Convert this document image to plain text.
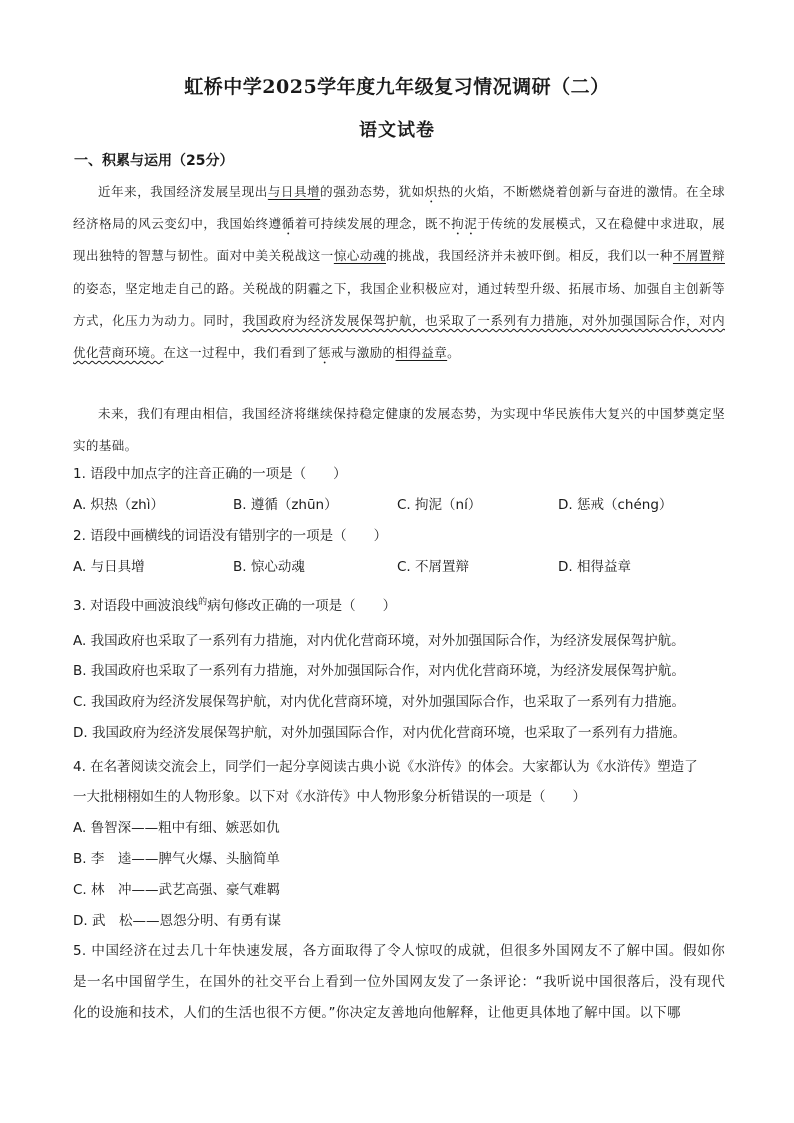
虹桥中学2025学年度九年级复习情况调研（二）
语文试卷
一、积累与运用（25分）

近年来，我国经济发展呈现出与日具增的强劲态势，犹如炽热的火焰，不断燃烧着创新与奋进的激情。在全球经济格局的风云变幻中，我国始终遵循着可持续发展的理念，既不拘泥于传统的发展模式，又在稳健中求进取，展现出独特的智慧与韧性。面对中美关税战这一惊心动魂的挑战，我国经济并未被吓倒。相反，我们以一种不屑置辩的姿态，坚定地走自己的路。关税战的阴霾之下，我国企业积极应对，通过转型升级、拓展市场、加强自主创新等方式，化压力为动力。同时，我国政府为经济发展保驾护航，也采取了一系列有力措施，对外加强国际合作，对内优化营商环境。在这一过程中，我们看到了惩戒与激励的相得益章。

未来，我们有理由相信，我国经济将继续保持稳定健康的发展态势，为实现中华民族伟大复兴的中国梦奠定坚实的基础。

1. 语段中加点字的注音正确的一项是（　　）
A. 炽热（zhì）	B. 遵循（zhūn）	C. 拘泥（ní）	D. 惩戒（chéng）
2. 语段中画横线的词语没有错别字的一项是（　　）
A. 与日具增	B. 惊心动魂	C. 不屑置辩	D. 相得益章
3. 对语段中画波浪线$^的$病句修改正确的一项是（　　）
A. 我国政府也采取了一系列有力措施，对内优化营商环境，对外加强国际合作，为经济发展保驾护航。
B. 我国政府也采取了一系列有力措施，对外加强国际合作，对内优化营商环境，为经济发展保驾护航。
C. 我国政府为经济发展保驾护航，对内优化营商环境，对外加强国际合作，也采取了一系列有力措施。
D. 我国政府为经济发展保驾护航，对外加强国际合作，对内优化营商环境，也采取了一系列有力措施。
4. 在名著阅读交流会上，同学们一起分享阅读古典小说《水浒传》的体会。大家都认为《水浒传》塑造了
一大批栩栩如生的人物形象。以下对《水浒传》中人物形象分析错误的一项是（　　）
A. 鲁智深——粗中有细、嫉恶如仇
B. 李　逵——脾气火爆、头脑简单
C. 林　冲——武艺高强、豪气难羁
D. 武　松——恩怨分明、有勇有谋
5. 中国经济在过去几十年快速发展，各方面取得了令人惊叹的成就，但很多外国网友不了解中国。假如你是一名中国留学生，在国外的社交平台上看到一位外国网友发了一条评论：“我听说中国很落后，没有现代化的设施和技术，人们的生活也很不方便。”你决定友善地向他解释，让他更具体地了解中国。以下哪
